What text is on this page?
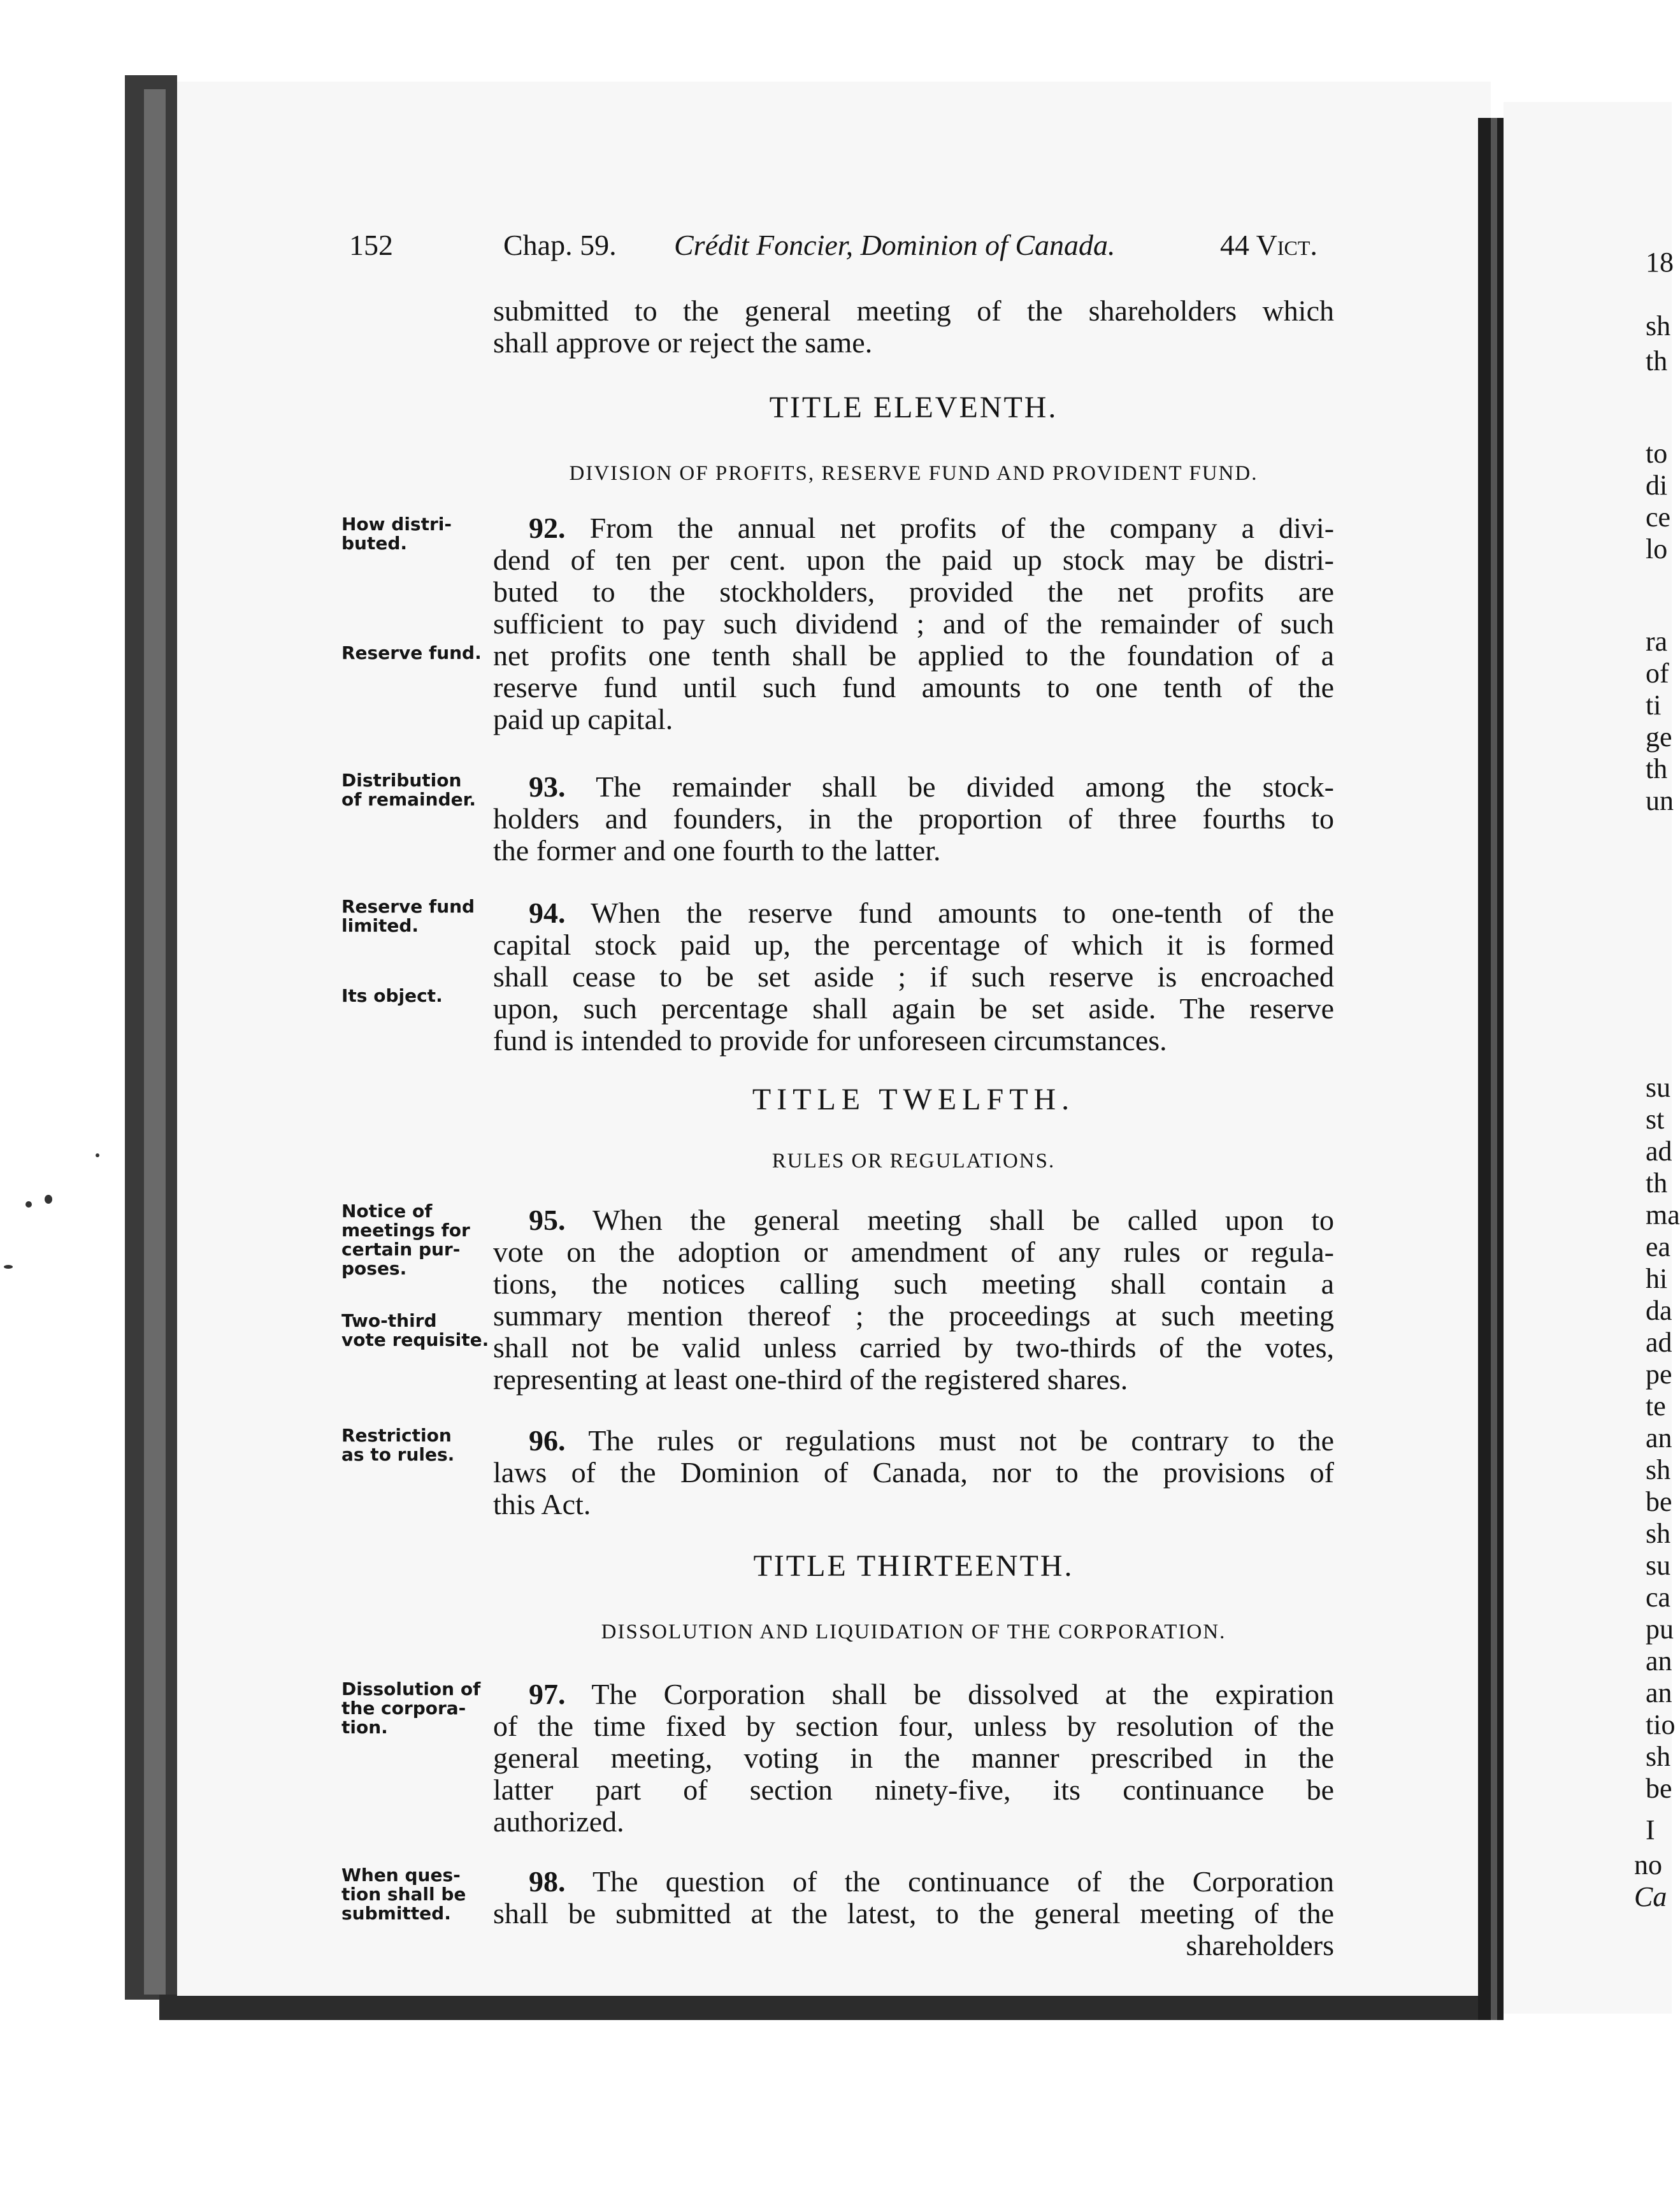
18
sh
th
to
di
ce
lo
ra
of
ti
ge
th
un
su
st
ad
th
ma
ea
hi
da
ad
pe
te
an
sh
be
sh
su
ca
pu
an
an
tio
sh
be
I
no
Ca
152	Chap. 59. Crédit Foncier, Dominion of Canada.	44 Vict.
submitted to the general meeting of the shareholders which
shall approve or reject the same.
TITLE ELEVENTH.
DIVISION OF PROFITS, RESERVE FUND AND PROVIDENT FUND.
How distri-
buted.	92. From the annual net profits of the company a divi-
dend of ten per cent. upon the paid up stock may be distri-
buted to the stockholders, provided the net profits are
sufficient to pay such dividend ; and of the remainder of such
Reserve fund. net profits one tenth shall be applied to the foundation of a
reserve fund until such fund amounts to one tenth of the
paid up capital.
Distribution
of remainder.	93. The remainder shall be divided among the stock-
holders and founders, in the proportion of three fourths to
the former and one fourth to the latter.
Reserve fund
limited.	94. When the reserve fund amounts to one-tenth of the
capital stock paid up, the percentage of which it is formed
shall cease to be set aside ; if such reserve is encroached
Its object.	upon, such percentage shall again be set aside. The reserve
fund is intended to provide for unforeseen circumstances.
TITLE TWELFTH.
RULES OR REGULATIONS.
Notice of
meetings for
certain pur-
poses.
95. When the general meeting shall be called upon to
vote on the adoption or amendment of any rules or regula-
tions, the notices calling such meeting shall contain a
Two-third
vote requisite.
summary mention thereof ; the proceedings at such meeting
shall not be valid unless carried by two-thirds of the votes,
representing at least one-third of the registered shares.
Restriction
as to rules.	96. The rules or regulations must not be contrary to the
laws of the Dominion of Canada, nor to the provisions of
this Act.
TITLE THIRTEENTH.
DISSOLUTION AND LIQUIDATION OF THE CORPORATION.
Dissolution of
the corpora-
tion.
97. The Corporation shall be dissolved at the expiration
of the time fixed by section four, unless by resolution of the
general meeting, voting in the manner prescribed in the
latter part of section ninety-five, its continuance be
authorized.
When ques-
tion shall be
submitted.
98. The question of the continuance of the Corporation
shall be submitted at the latest, to the general meeting of the
shareholders
